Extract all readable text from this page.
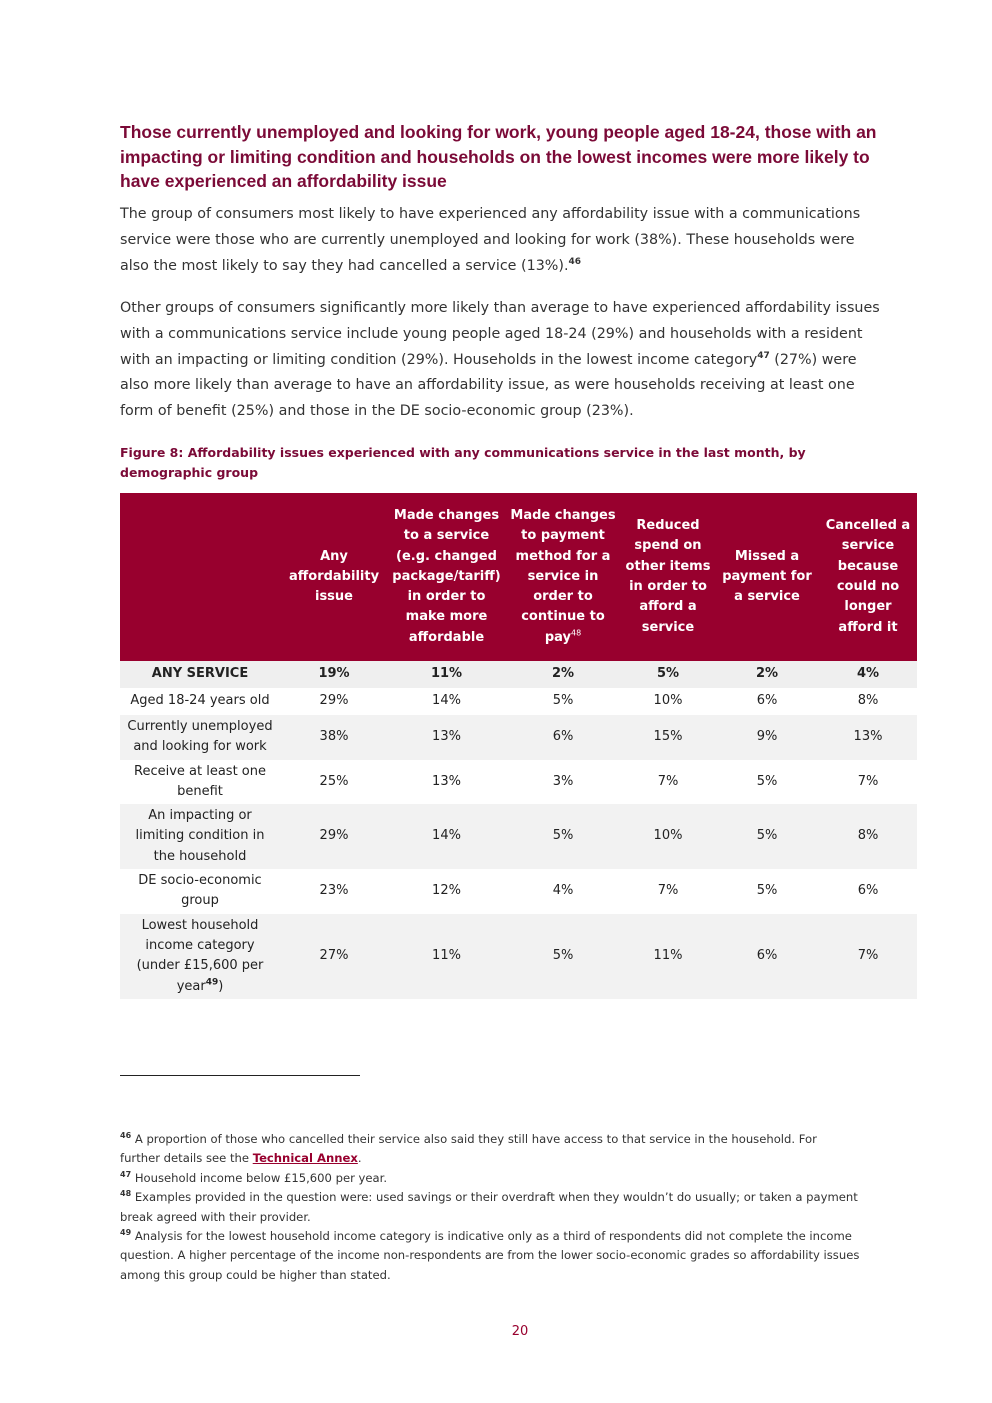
Those currently unemployed and looking for work, young people aged 18-24, those with an impacting or limiting condition and households on the lowest incomes were more likely to have experienced an affordability issue

The group of consumers most likely to have experienced any affordability issue with a communications service were those who are currently unemployed and looking for work (38%). These households were also the most likely to say they had cancelled a service (13%).$^{46}$

Other groups of consumers significantly more likely than average to have experienced affordability issues with a communications service include young people aged 18-24 (29%) and households with a resident with an impacting or limiting condition (29%). Households in the lowest income category$^{47}$ (27%) were also more likely than average to have an affordability issue, as were households receiving at least one form of benefit (25%) and those in the DE socio-economic group (23%).

Figure 8: Affordability issues experienced with any communications service in the last month, by demographic group

	Any affordability issue	Made changes to a service (e.g. changed package/tariff) in order to make more affordable	Made changes to payment method for a service in order to continue to pay$^{48}$	Reduced spend on other items in order to afford a service	Missed a payment for a service	Cancelled a service because could no longer afford it
ANY SERVICE	19%	11%	2%	5%	2%	4%
Aged 18-24 years old	29%	14%	5%	10%	6%	8%
Currently unemployed and looking for work	38%	13%	6%	15%	9%	13%
Receive at least one benefit	25%	13%	3%	7%	5%	7%
An impacting or limiting condition in the household	29%	14%	5%	10%	5%	8%
DE socio-economic group	23%	12%	4%	7%	5%	6%
Lowest household income category (under £15,600 per year$^{49}$)	27%	11%	5%	11%	6%	7%

$^{46}$ A proportion of those who cancelled their service also said they still have access to that service in the household. For further details see the Technical Annex.

$^{47}$ Household income below £15,600 per year.

$^{48}$ Examples provided in the question were: used savings or their overdraft when they wouldn’t do usually; or taken a payment break agreed with their provider.

$^{49}$ Analysis for the lowest household income category is indicative only as a third of respondents did not complete the income question. A higher percentage of the income non-respondents are from the lower socio-economic grades so affordability issues among this group could be higher than stated.

20
